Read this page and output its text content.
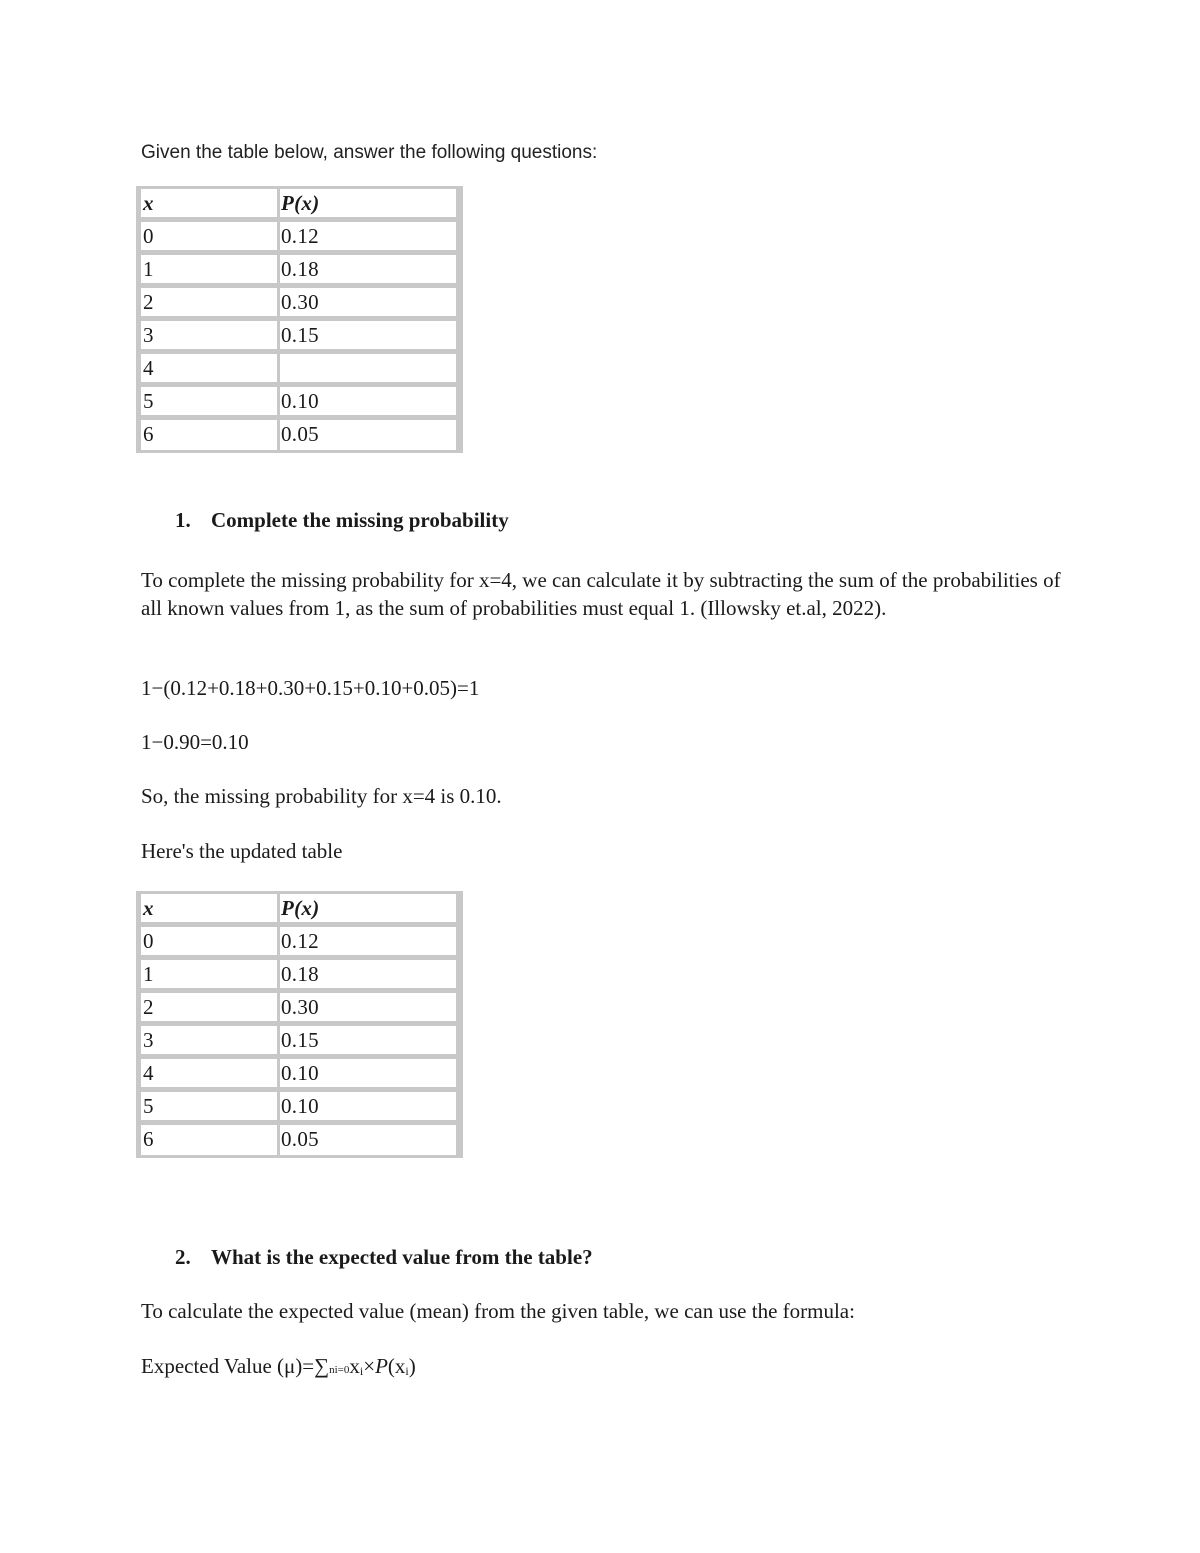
Given the table below, answer the following questions:
x	P(x)
0	0.12
1	0.18
2	0.30
3	0.15
4
5	0.10
6	0.05
1. Complete the missing probability
To complete the missing probability for x=4, we can calculate it by subtracting the sum of the probabilities of all known values from 1, as the sum of probabilities must equal 1. (Illowsky et.al, 2022).
1−(0.12+0.18+0.30+0.15+0.10+0.05)=1
1−0.90=0.10
So, the missing probability for x=4 is 0.10.
Here's the updated table
x	P(x)
0	0.12
1	0.18
2	0.30
3	0.15
4	0.10
5	0.10
6	0.05
2. What is the expected value from the table?
To calculate the expected value (mean) from the given table, we can use the formula:
Expected Value (μ)=∑ni=0xi×P(xi)
